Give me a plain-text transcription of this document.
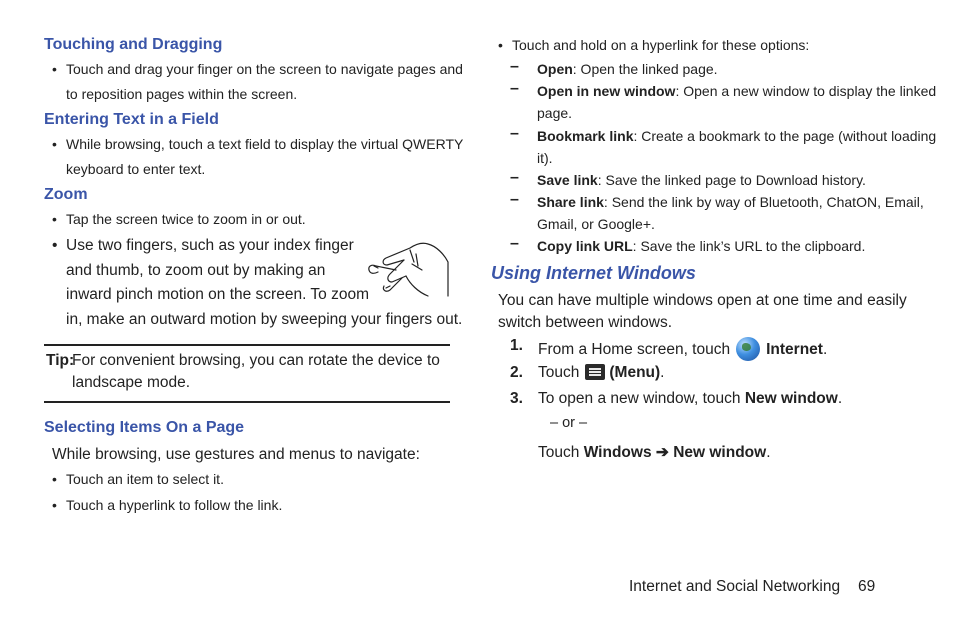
Touching and Dragging
• Touch and drag your finger on the screen to navigate pages and
to reposition pages within the screen.
Entering Text in a Field
• While browsing, touch a text field to display the virtual QWERTY
keyboard to enter text.
Zoom
• Tap the screen twice to zoom in or out.
• Use two fingers, such as your index finger
and thumb, to zoom out by making an
inward pinch motion on the screen. To zoom
in, make an outward motion by sweeping your fingers out.
Tip:
For convenient browsing, you can rotate the device to
landscape mode.
Selecting Items On a Page
While browsing, use gestures and menus to navigate:
• Touch an item to select it.
• Touch a hyperlink to follow the link.
• Touch and hold on a hyperlink for these options:
–	Open: Open the linked page.
–	Open in new window: Open a new window to display the linked
page.
–	Bookmark link: Create a bookmark to the page (without loading
it).
–	Save link: Save the linked page to Download history.
–	Share link: Send the link by way of Bluetooth, ChatON, Email,
Gmail, or Google+.
–	Copy link URL: Save the link’s URL to the clipboard.
Using Internet Windows
You can have multiple windows open at one time and easily
switch between windows.
1. From a Home screen, touch Internet.
2. Touch (Menu).
3. To open a new window, touch New window.
– or –
Touch Windows ➔ New window.
Internet and Social Networking 69
